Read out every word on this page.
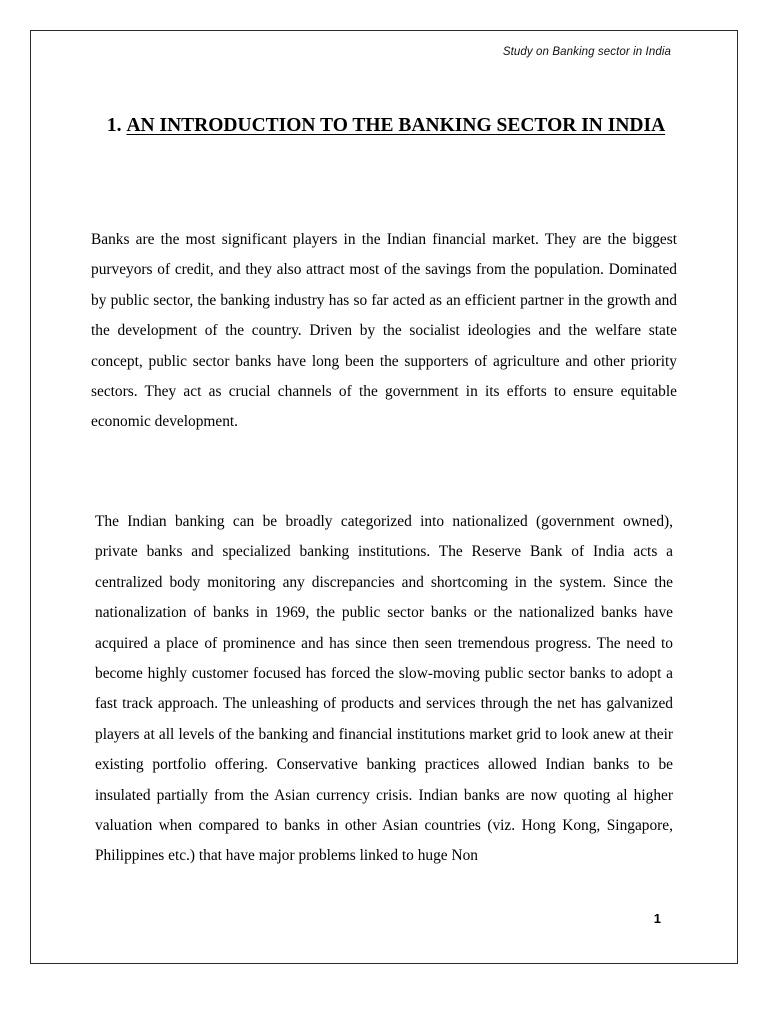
Study on Banking sector in India
1. AN INTRODUCTION TO THE BANKING SECTOR IN INDIA

Banks are the most significant players in the Indian financial market. They are the biggest purveyors of credit, and they also attract most of the savings from the population. Dominated by public sector, the banking industry has so far acted as an efficient partner in the growth and the development of the country. Driven by the socialist ideologies and the welfare state concept, public sector banks have long been the supporters of agriculture and other priority sectors. They act as crucial channels of the government in its efforts to ensure equitable economic development.

The Indian banking can be broadly categorized into nationalized (government owned), private banks and specialized banking institutions. The Reserve Bank of India acts a centralized body monitoring any discrepancies and shortcoming in the system. Since the nationalization of banks in 1969, the public sector banks or the nationalized banks have acquired a place of prominence and has since then seen tremendous progress. The need to become highly customer focused has forced the slow-moving public sector banks to adopt a fast track approach. The unleashing of products and services through the net has galvanized players at all levels of the banking and financial institutions market grid to look anew at their existing portfolio offering. Conservative banking practices allowed Indian banks to be insulated partially from the Asian currency crisis. Indian banks are now quoting al higher valuation when compared to banks in other Asian countries (viz. Hong Kong, Singapore, Philippines etc.) that have major problems linked to huge Non

1
